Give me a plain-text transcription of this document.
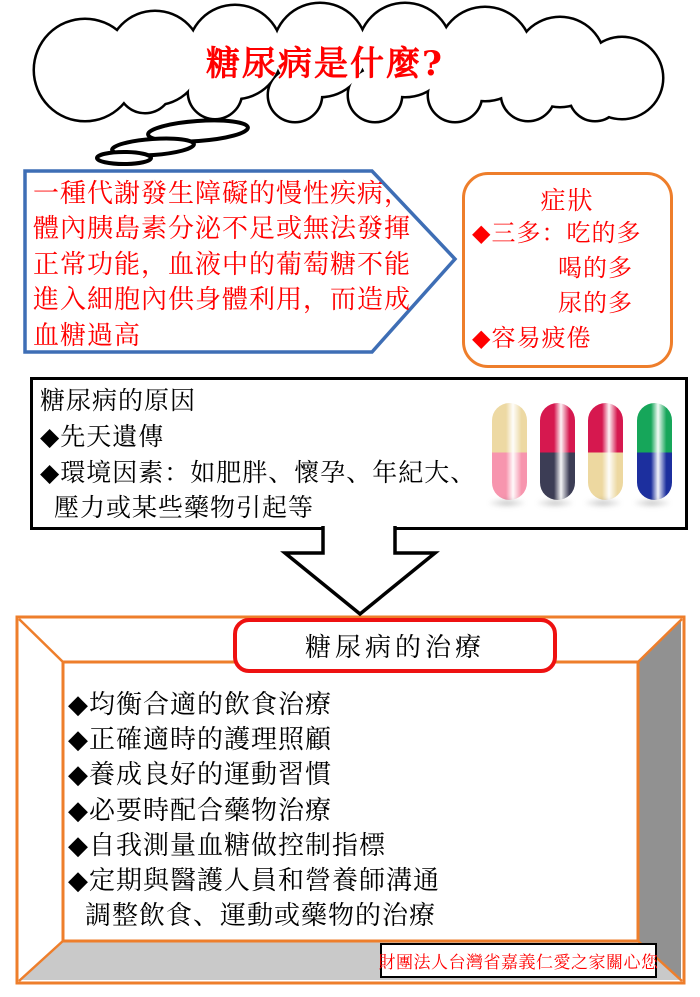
糖尿病是什麼?
一種代謝發生障礙的慢性疾病，
體內胰島素分泌不足或無法發揮
正常功能，血液中的葡萄糖不能
進入細胞內供身體利用，而造成
血糖過高
症狀
◆三多：吃的多
喝的多
尿的多
◆容易疲倦
糖尿病的原因
◆先天遺傳
◆環境因素：如肥胖、懷孕、年紀大、
壓力或某些藥物引起等
糖尿病的治療
◆均衡合適的飲食治療
◆正確適時的護理照顧
◆養成良好的運動習慣
◆必要時配合藥物治療
◆自我測量血糖做控制指標
◆定期與醫護人員和營養師溝通
調整飲食、運動或藥物的治療
財團法人台灣省嘉義仁愛之家關心您
